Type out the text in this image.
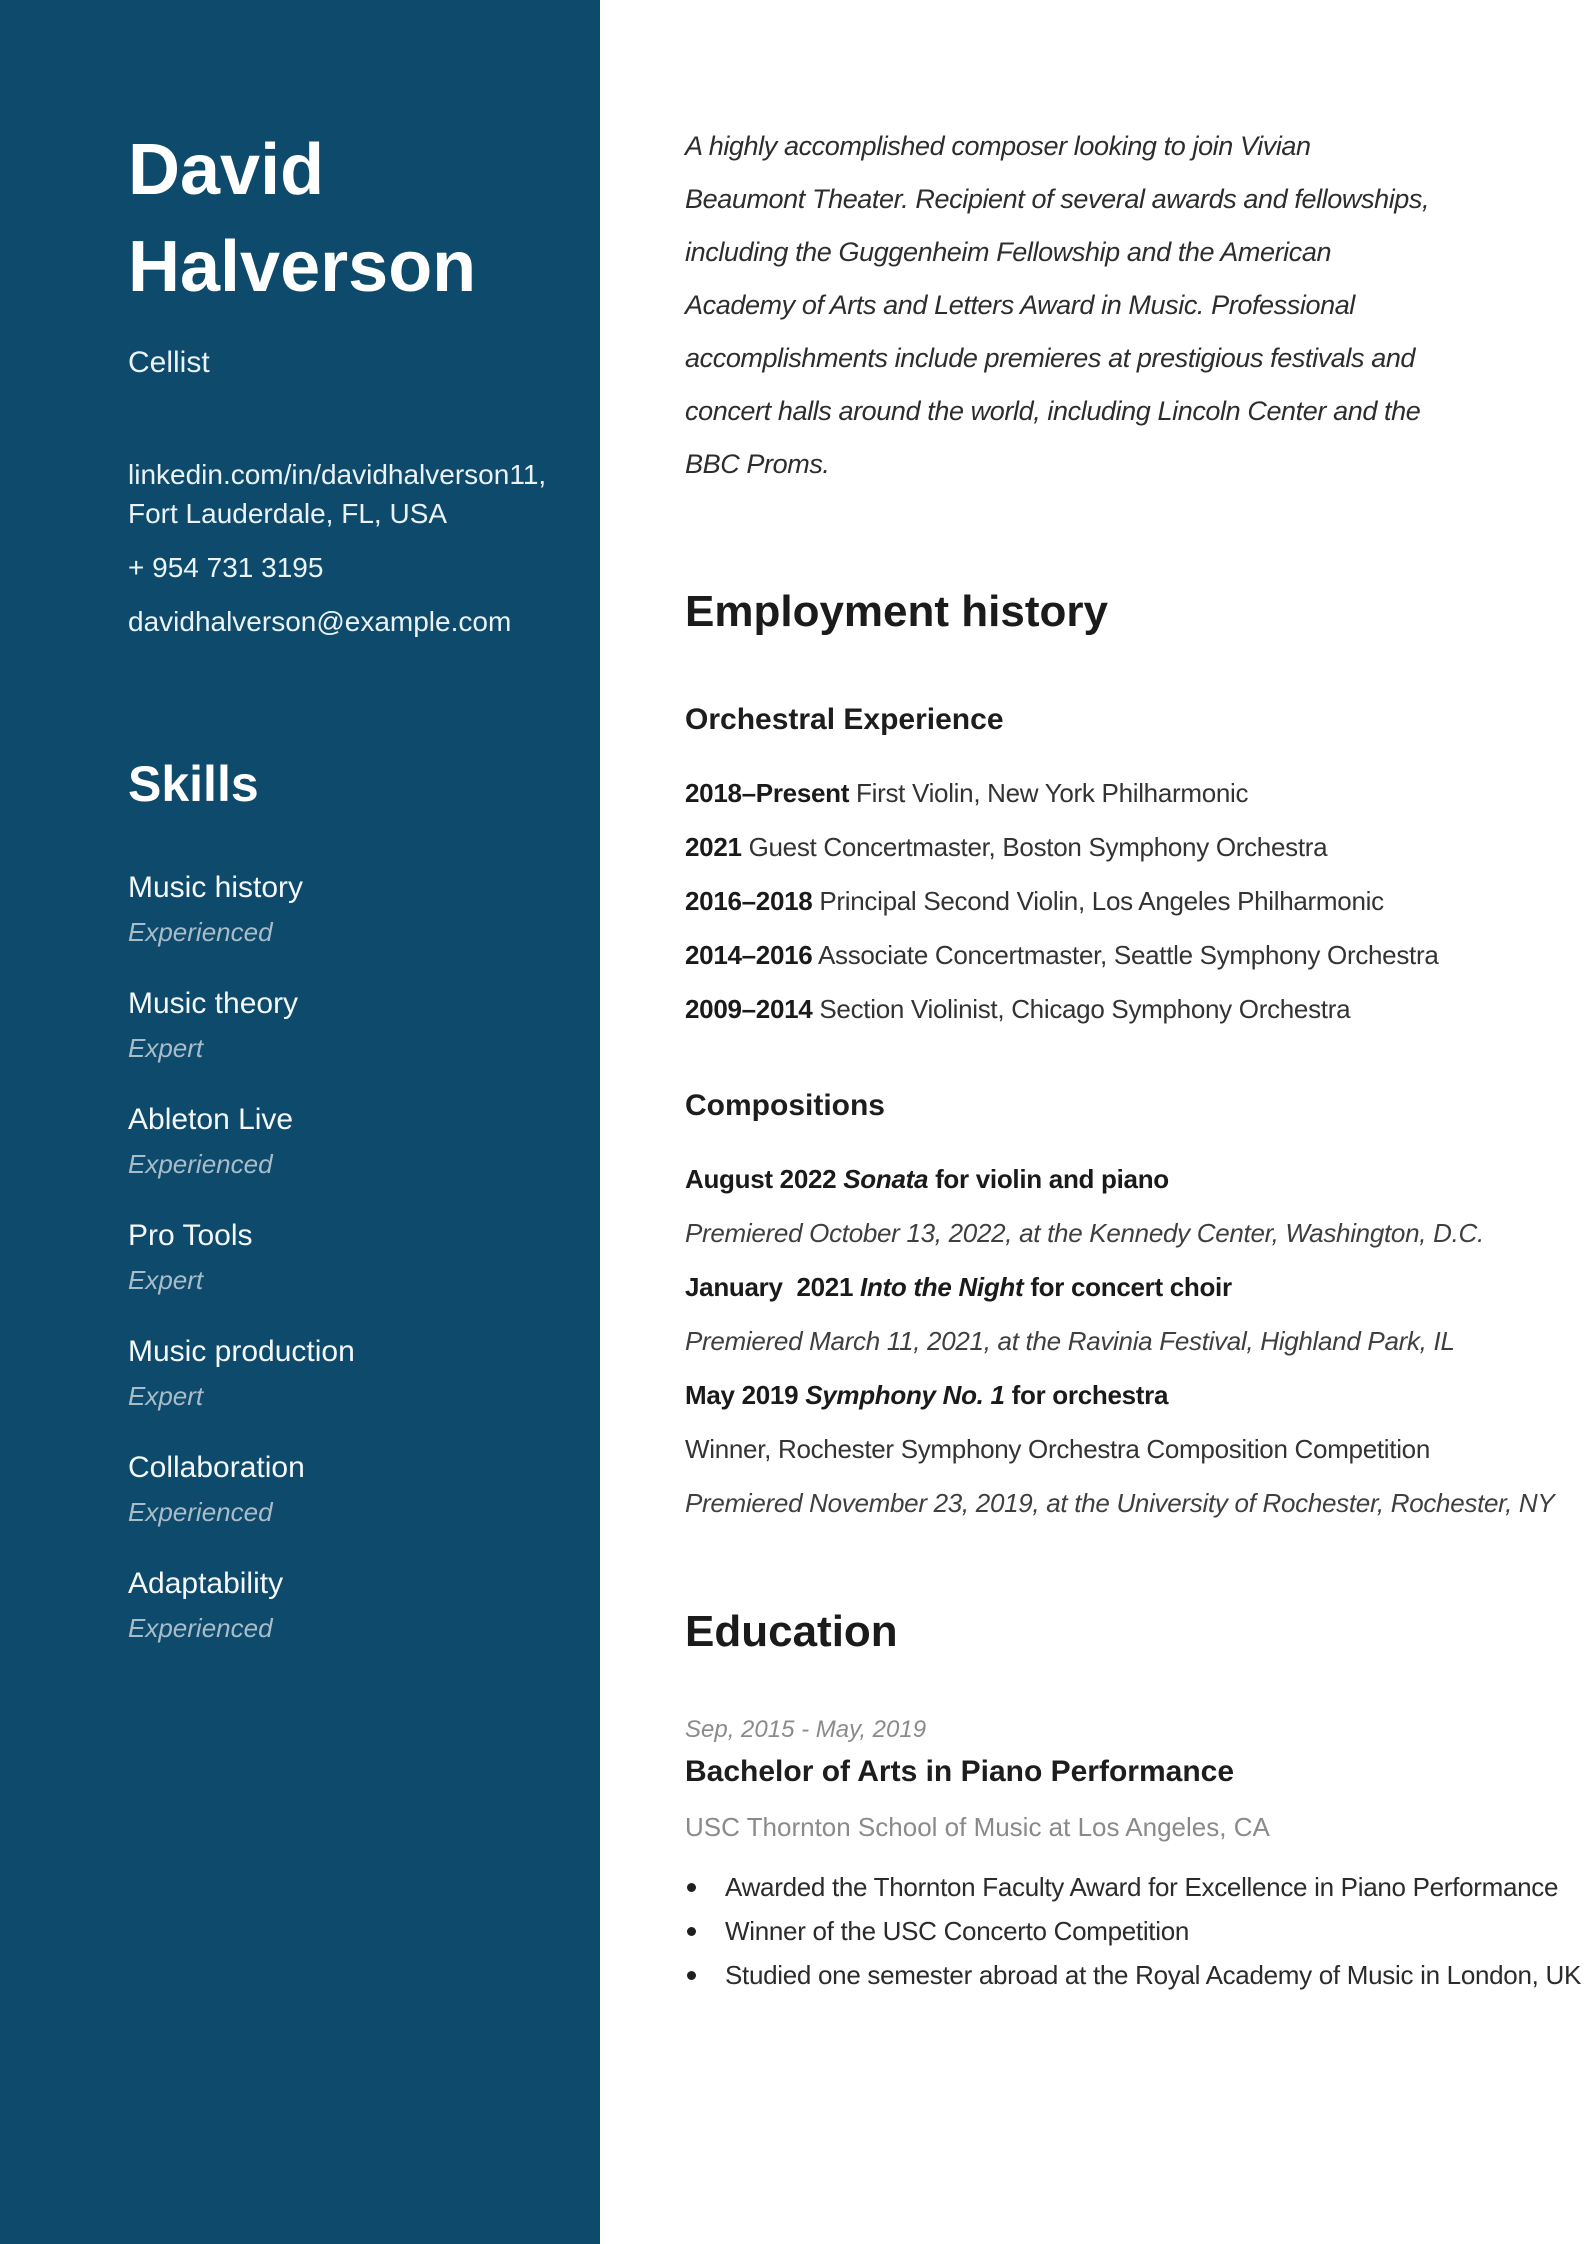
David
Halverson
Cellist

linkedin.com/in/davidhalverson11, Fort Lauderdale, FL, USA

+ 954 731 3195

davidhalverson@example.com

Skills
Music history
Experienced
Music theory
Expert
Ableton Live
Experienced
Pro Tools
Expert
Music production
Expert
Collaboration
Experienced
Adaptability
Experienced

A highly accomplished composer looking to join Vivian Beaumont Theater. Recipient of several awards and fellowships, including the Guggenheim Fellowship and the American Academy of Arts and Letters Award in Music. Professional accomplishments include premieres at prestigious festivals and concert halls around the world, including Lincoln Center and the BBC Proms.

Employment history
Orchestral Experience
2018–Present First Violin, New York Philharmonic
2021 Guest Concertmaster, Boston Symphony Orchestra
2016–2018 Principal Second Violin, Los Angeles Philharmonic
2014–2016 Associate Concertmaster, Seattle Symphony Orchestra
2009–2014 Section Violinist, Chicago Symphony Orchestra
Compositions
August 2022 Sonata for violin and piano
Premiered October 13, 2022, at the Kennedy Center, Washington, D.C.
January  2021 Into the Night for concert choir
Premiered March 11, 2021, at the Ravinia Festival, Highland Park, IL
May 2019 Symphony No. 1 for orchestra
Winner, Rochester Symphony Orchestra Composition Competition
Premiered November 23, 2019, at the University of Rochester, Rochester, NY
Education
Sep, 2015 - May, 2019
Bachelor of Arts in Piano Performance
USC Thornton School of Music at Los Angeles, CA
Awarded the Thornton Faculty Award for Excellence in Piano Performance
Winner of the USC Concerto Competition
Studied one semester abroad at the Royal Academy of Music in London, UK
